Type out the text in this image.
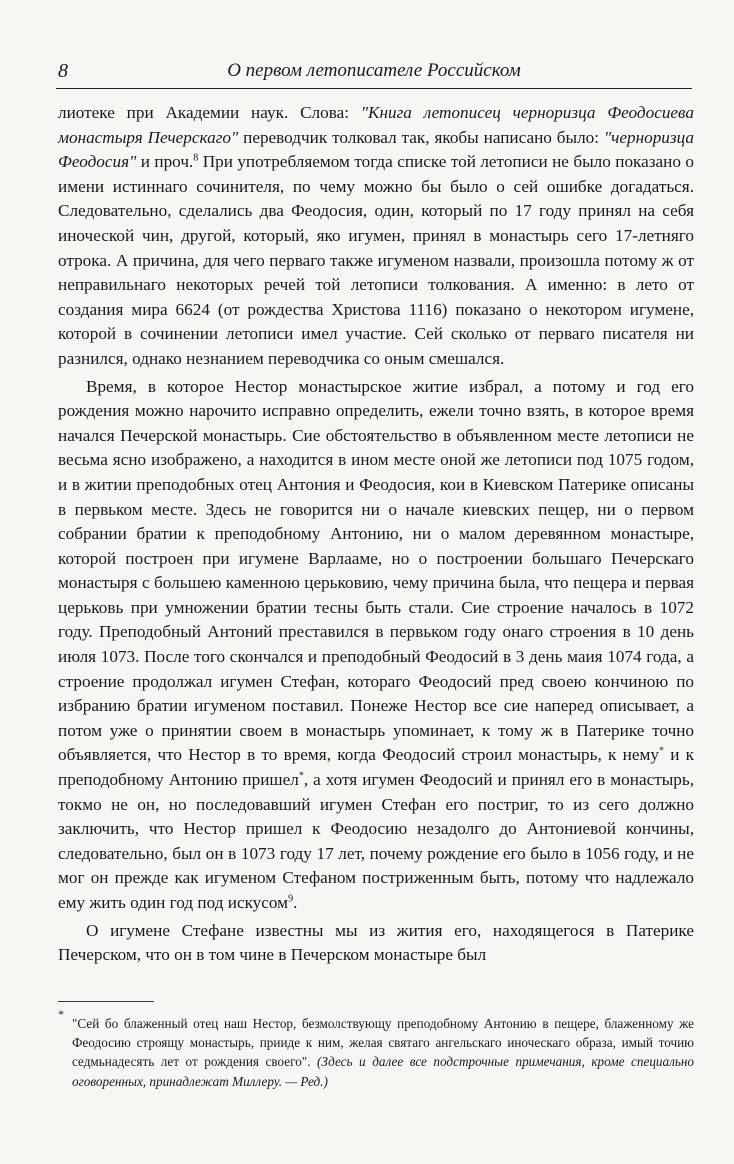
8	О первом летописателе Российском

лиотеке при Академии наук. Слова: "Книга летописец черноризца Феодосиева монастыря Печерскаго" переводчик толковал так, якобы написано было: "черноризца Феодосия" и проч.$^8$ При употребляемом тогда списке той летописи не было показано о имени истиннаго сочинителя, по чему можно бы было о сей ошибке догадаться. Следовательно, сделались два Феодосия, один, который по 17 году принял на себя иноческой чин, другой, который, яко игумен, принял в монастырь сего 17-летняго отрока. А причина, для чего перваго также игуменом назвали, произошла потому ж от неправильнаго некоторых речей той летописи толкования. А именно: в лето от создания мира 6624 (от рождества Христова 1116) показано о некотором игумене, которой в сочинении летописи имел участие. Сей сколько от перваго писателя ни разнился, однако незнанием переводчика со оным смешался.

Время, в которое Нестор монастырское житие избрал, а потому и год его рождения можно нарочито исправно определить, ежели точно взять, в которое время начался Печерской монастырь. Сие обстоятельство в объявленном месте летописи не весьма ясно изображено, а находится в ином месте оной же летописи под 1075 годом, и в житии преподобных отец Антония и Феодосия, кои в Киевском Патерике описаны в первьком месте. Здесь не говорится ни о начале киевских пещер, ни о первом собрании братии к преподобному Антонию, ни о малом деревянном монастыре, которой построен при игумене Варлааме, но о построении большаго Печерскаго монастыря с большею каменною церьковию, чему причина была, что пещера и первая церьковь при умножении братии тесны быть стали. Сие строение началось в 1072 году. Преподобный Антоний преставился в первьком году онаго строения в 10 день июля 1073. После того скончался и преподобный Феодосий в 3 день маия 1074 года, а строение продолжал игумен Стефан, котораго Феодосий пред своею кончиною по избранию братии игуменом поставил. Понеже Нестор все сие наперед описывает, а потом уже о принятии своем в монастырь упоминает, к тому ж в Патерике точно объявляется, что Нестор в то время, когда Феодосий строил монастырь, к нему* и к преподобному Антонию пришел*, а хотя игумен Феодосий и принял его в монастырь, токмо не он, но последовавший игумен Стефан его постриг, то из сего должно заключить, что Нестор пришел к Феодосию незадолго до Антониевой кончины, следовательно, был он в 1073 году 17 лет, почему рождение его было в 1056 году, и не мог он прежде как игуменом Стефаном постриженным быть, потому что надлежало ему жить один год под искусом$^9$.

О игумене Стефане известны мы из жития его, находящегося в Патерике Печерском, что он в том чине в Печерском монастыре был

*
"Сей бо блаженный отец наш Нестор, безмолствующу преподобному Антонию в пещере, блаженному же Феодосию строящу монастырь, прииде к ним, желая святаго ангельскаго иноческаго образа, имый точию седмьнадесять лет от рождения своего". (Здесь и далее все подстрочные примечания, кроме специально оговоренных, принадлежат Миллеру. — Ред.)
